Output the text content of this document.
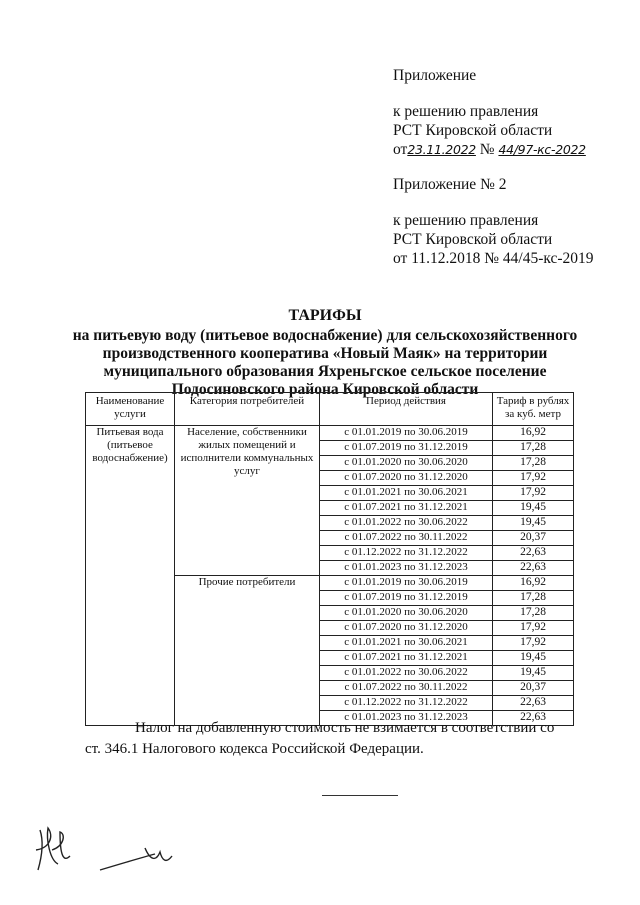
Приложение
к решению правления
РСТ Кировской области
от23.11.2022 № 44/97-кс-2022
Приложение № 2
к решению правления
РСТ Кировской области
от 11.12.2018 № 44/45-кс-2019
ТАРИФЫ
на питьевую воду (питьевое водоснабжение) для сельскохозяйственного
производственного кооператива «Новый Маяк» на территории
муниципального образования Яхреньгское сельское поселение
Подосиновского района Кировской области
Наименование услуги	Категория потребителей	Период действия	Тариф в рублях за куб. метр
Питьевая вода (питьевое водоснабжение)	Население, собственники жилых помещений и исполнители коммунальных услуг	с 01.01.2019 по 30.06.2019	16,92
		с 01.07.2019 по 31.12.2019	17,28
		с 01.01.2020 по 30.06.2020	17,28
		с 01.07.2020 по 31.12.2020	17,92
		с 01.01.2021 по 30.06.2021	17,92
		с 01.07.2021 по 31.12.2021	19,45
		с 01.01.2022 по 30.06.2022	19,45
		с 01.07.2022 по 30.11.2022	20,37
		с 01.12.2022 по 31.12.2022	22,63
		с 01.01.2023 по 31.12.2023	22,63
	Прочие потребители	с 01.01.2019 по 30.06.2019	16,92
		с 01.07.2019 по 31.12.2019	17,28
		с 01.01.2020 по 30.06.2020	17,28
		с 01.07.2020 по 31.12.2020	17,92
		с 01.01.2021 по 30.06.2021	17,92
		с 01.07.2021 по 31.12.2021	19,45
		с 01.01.2022 по 30.06.2022	19,45
		с 01.07.2022 по 30.11.2022	20,37
		с 01.12.2022 по 31.12.2022	22,63
		с 01.01.2023 по 31.12.2023	22,63
Налог на добавленную стоимость не взимается в соответствии со
ст. 346.1 Налогового кодекса Российской Федерации.
